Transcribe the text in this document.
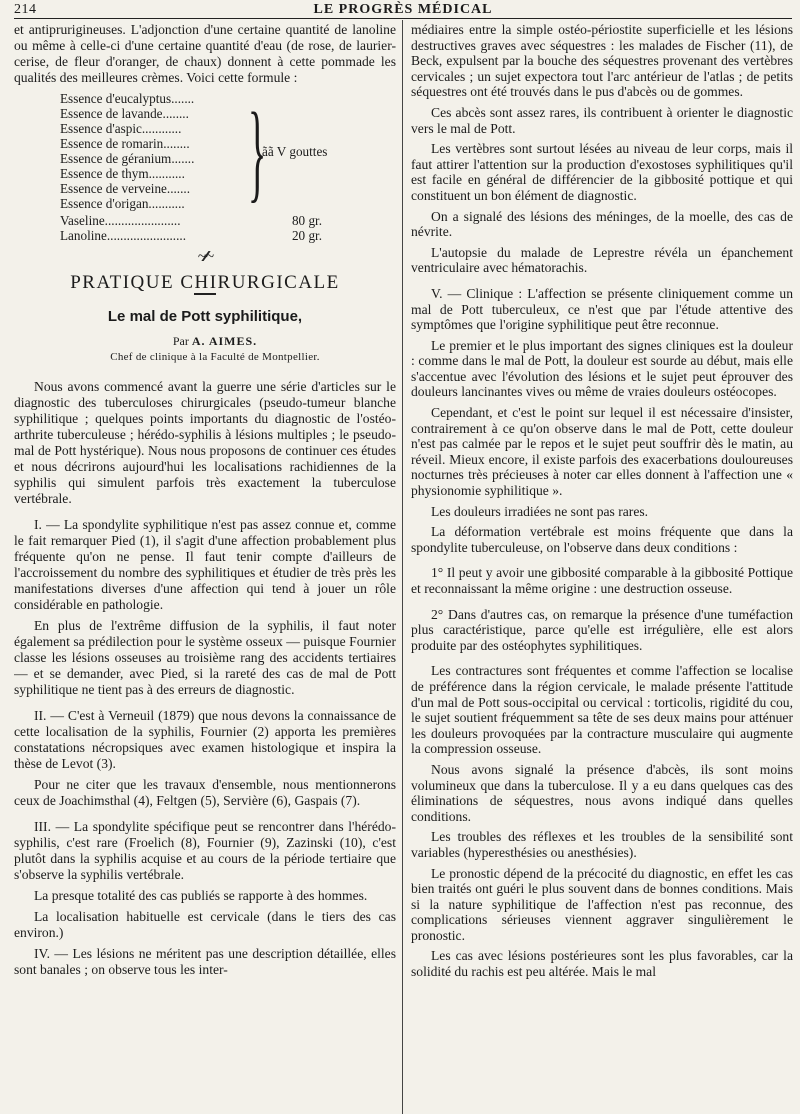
214	LE PROGRÈS MÉDICAL

et antiprurigineuses. L'adjonction d'une certaine quantité de lanoline ou même à celle-ci d'une certaine quantité d'eau (de rose, de laurier-cerise, de fleur d'oranger, de chaux) donnent à cette pommade les qualités des meilleures crèmes. Voici cette formule :

Essence d'eucalyptus.......
Essence de lavande........
Essence d'aspic............
Essence de romarin........
Essence de géranium.......
Essence de thym...........
Essence de verveine.......
Essence d'origan........... }
ãã V gouttes
Vaseline.......................	80 gr.
Lanoline........................	20 gr.
~∕∕∕∕~
PRATIQUE CHIRURGICALE
Le mal de Pott syphilitique,

Par A. AIMES.

Chef de clinique à la Faculté de Montpellier.

Nous avons commencé avant la guerre une série d'articles sur le diagnostic des tuberculoses chirurgicales (pseudo-tumeur blanche syphilitique ; quelques points importants du diagnostic de l'ostéo-arthrite tuberculeuse ; hérédo-syphilis à lésions multiples ; le pseudo-mal de Pott hystérique). Nous nous proposons de continuer ces études et nous décrirons aujourd'hui les localisations rachidiennes de la syphilis qui simulent parfois très exactement la tuberculose vertébrale.

I. — La spondylite syphilitique n'est pas assez connue et, comme le fait remarquer Pied (1), il s'agit d'une affection probablement plus fréquente qu'on ne pense. Il faut tenir compte d'ailleurs de l'accroissement du nombre des syphilitiques et étudier de très près les manifestations diverses d'une affection qui tend à jouer un rôle considérable en pathologie.

En plus de l'extrême diffusion de la syphilis, il faut noter également sa prédilection pour le système osseux — puisque Fournier classe les lésions osseuses au troisième rang des accidents tertiaires — et se demander, avec Pied, si la rareté des cas de mal de Pott syphilitique ne tient pas à des erreurs de diagnostic.

II. — C'est à Verneuil (1879) que nous devons la connaissance de cette localisation de la syphilis, Fournier (2) apporta les premières constatations nécropsiques avec examen histologique et inspira la thèse de Levot (3).

Pour ne citer que les travaux d'ensemble, nous mentionnerons ceux de Joachimsthal (4), Feltgen (5), Servière (6), Gaspais (7).

III. — La spondylite spécifique peut se rencontrer dans l'hérédo-syphilis, c'est rare (Froelich (8), Fournier (9), Zazinski (10), c'est plutôt dans la syphilis acquise et au cours de la période tertiaire que s'observe la syphilis vertébrale.

La presque totalité des cas publiés se rapporte à des hommes.

La localisation habituelle est cervicale (dans le tiers des cas environ.)

IV. — Les lésions ne méritent pas une description détaillée, elles sont banales ; on observe tous les inter-

médiaires entre la simple ostéo-périostite superficielle et les lésions destructives graves avec séquestres : les malades de Fischer (11), de Beck, expulsent par la bouche des séquestres provenant des vertèbres cervicales ; un sujet expectora tout l'arc antérieur de l'atlas ; de petits séquestres ont été trouvés dans le pus d'abcès ou de gommes.

Ces abcès sont assez rares, ils contribuent à orienter le diagnostic vers le mal de Pott.

Les vertèbres sont surtout lésées au niveau de leur corps, mais il faut attirer l'attention sur la production d'exostoses syphilitiques qu'il est facile en général de différencier de la gibbosité pottique et qui constituent un bon élément de diagnostic.

On a signalé des lésions des méninges, de la moelle, des cas de névrite.

L'autopsie du malade de Leprestre révéla un épanchement ventriculaire avec hématorachis.

V. — Clinique : L'affection se présente cliniquement comme un mal de Pott tuberculeux, ce n'est que par l'étude attentive des symptômes que l'origine syphilitique peut être reconnue.

Le premier et le plus important des signes cliniques est la douleur : comme dans le mal de Pott, la douleur est sourde au début, mais elle s'accentue avec l'évolution des lésions et le sujet peut éprouver des douleurs lancinantes vives ou même de vraies douleurs ostéocopes.

Cependant, et c'est le point sur lequel il est nécessaire d'insister, contrairement à ce qu'on observe dans le mal de Pott, cette douleur n'est pas calmée par le repos et le sujet peut souffrir dès le matin, au réveil. Mieux encore, il existe parfois des exacerbations douloureuses nocturnes très précieuses à noter car elles donnent à l'affection une « physionomie syphilitique ».

Les douleurs irradiées ne sont pas rares.

La déformation vertébrale est moins fréquente que dans la spondylite tuberculeuse, on l'observe dans deux conditions :

1° Il peut y avoir une gibbosité comparable à la gibbosité Pottique et reconnaissant la même origine : une destruction osseuse.

2° Dans d'autres cas, on remarque la présence d'une tuméfaction plus caractéristique, parce qu'elle est irrégulière, elle est alors produite par des ostéophytes syphilitiques.

Les contractures sont fréquentes et comme l'affection se localise de préférence dans la région cervicale, le malade présente l'attitude d'un mal de Pott sous-occipital ou cervical : torticolis, rigidité du cou, le sujet soutient fréquemment sa tête de ses deux mains pour atténuer les douleurs provoquées par la contracture musculaire qui augmente la compression osseuse.

Nous avons signalé la présence d'abcès, ils sont moins volumineux que dans la tuberculose. Il y a eu dans quelques cas des éliminations de séquestres, nous avons indiqué dans quelles conditions.

Les troubles des réflexes et les troubles de la sensibilité sont variables (hyperesthésies ou anesthésies).

Le pronostic dépend de la précocité du diagnostic, en effet les cas bien traités ont guéri le plus souvent dans de bonnes conditions. Mais si la nature syphilitique de l'affection n'est pas reconnue, des complications sérieuses viennent aggraver singulièrement le pronostic.

Les cas avec lésions postérieures sont les plus favorables, car la solidité du rachis est peu altérée. Mais le mal
